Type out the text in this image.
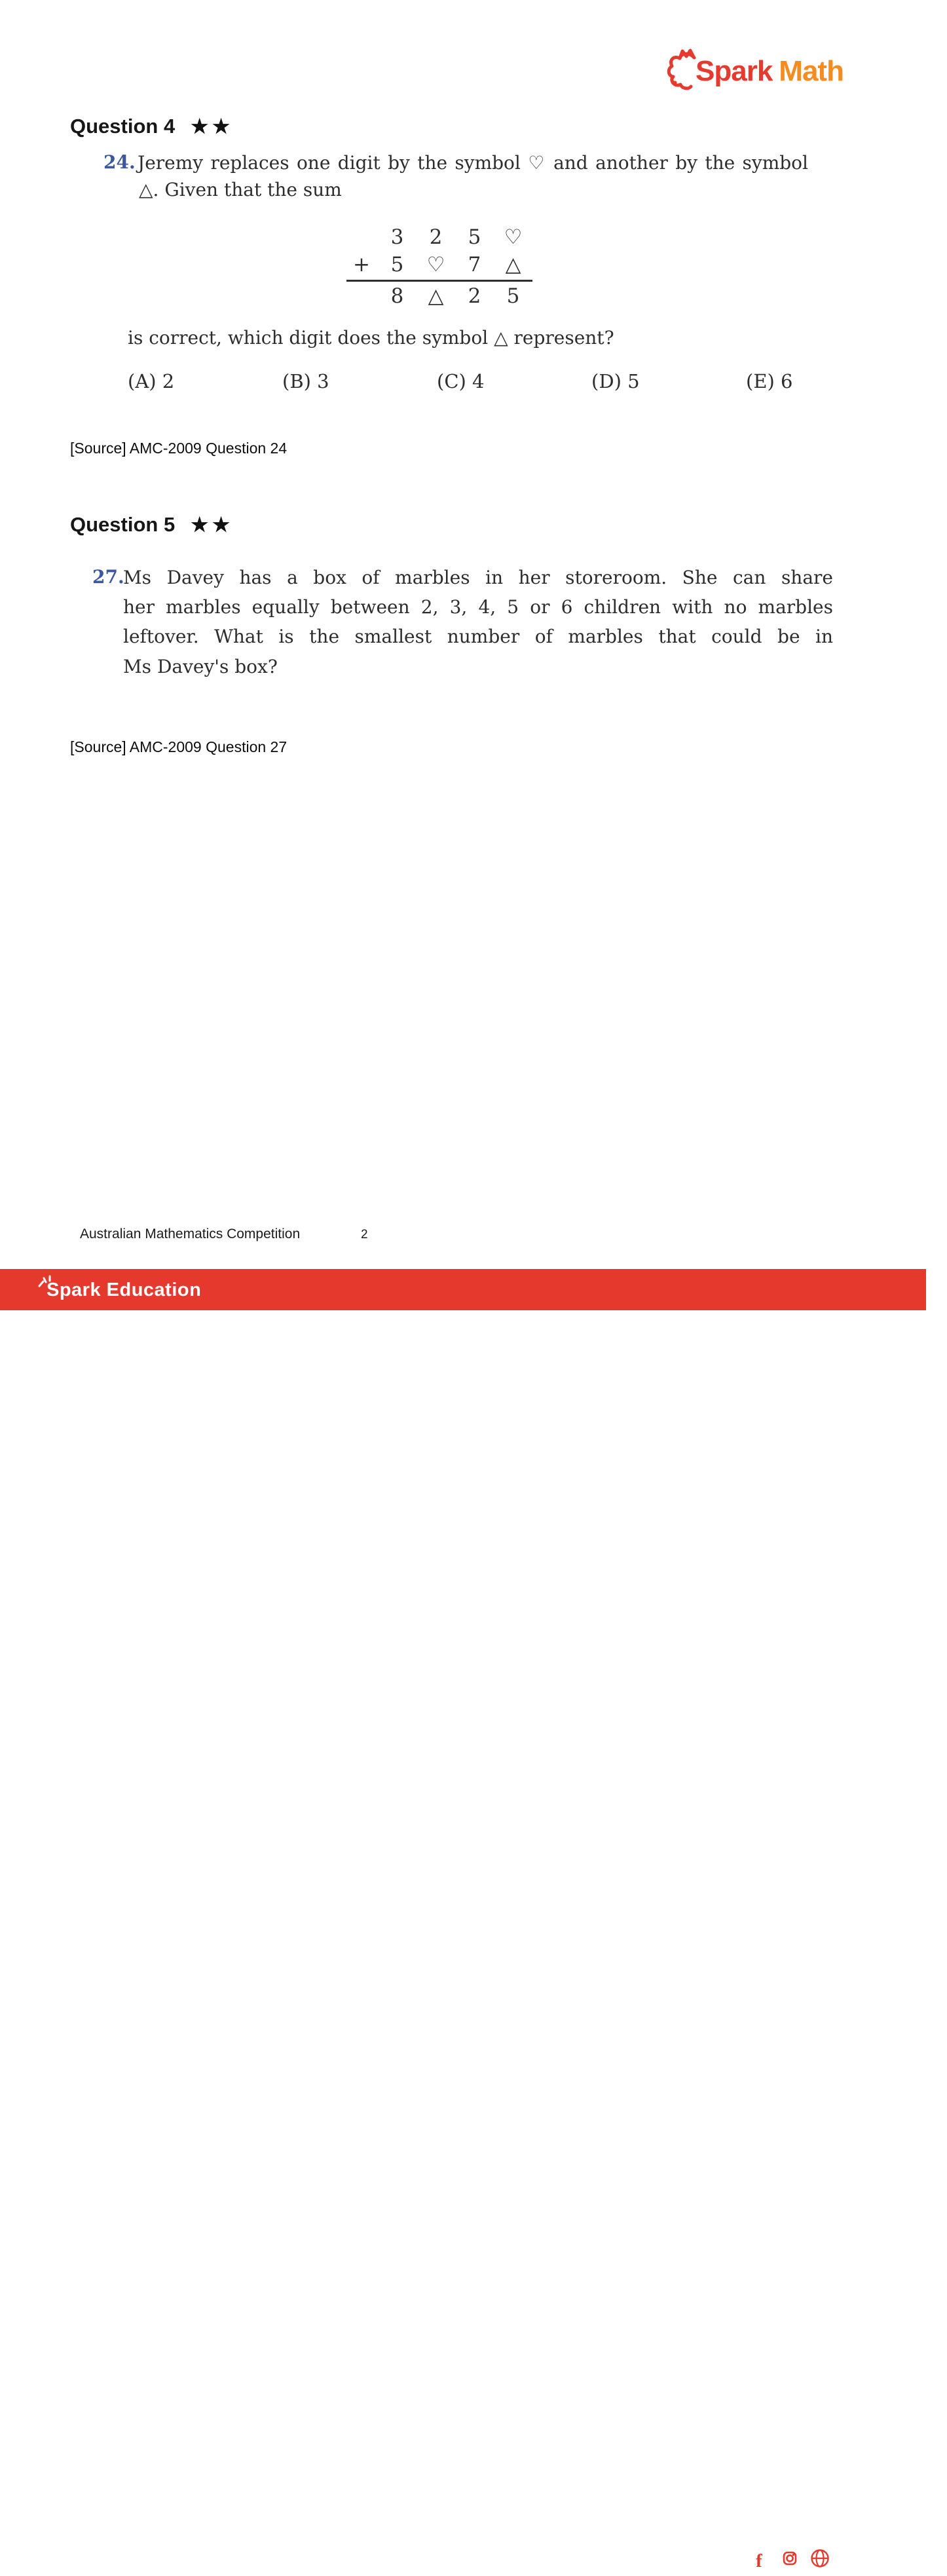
Spark Math
Question 4 ★★
24. Jeremy replaces one digit by the symbol ♡ and another by the symbol
△. Given that the sum
3	2	5	♡
+	5	♡	7	△
8	△	2	5
is correct, which digit does the symbol △ represent?
(A) 2	(B) 3	(C) 4	(D) 5	(E) 6
[Source] AMC-2009 Question 24
Question 5 ★★
27.
Ms Davey has a box of marbles in her storeroom. She can share
her marbles equally between 2, 3, 4, 5 or 6 children with no marbles
leftover. What is the smallest number of marbles that could be in
Ms Davey's box?
[Source] AMC-2009 Question 27
Australian Mathematics Competition	2
Spark Education
f	@sparkedu.sg
